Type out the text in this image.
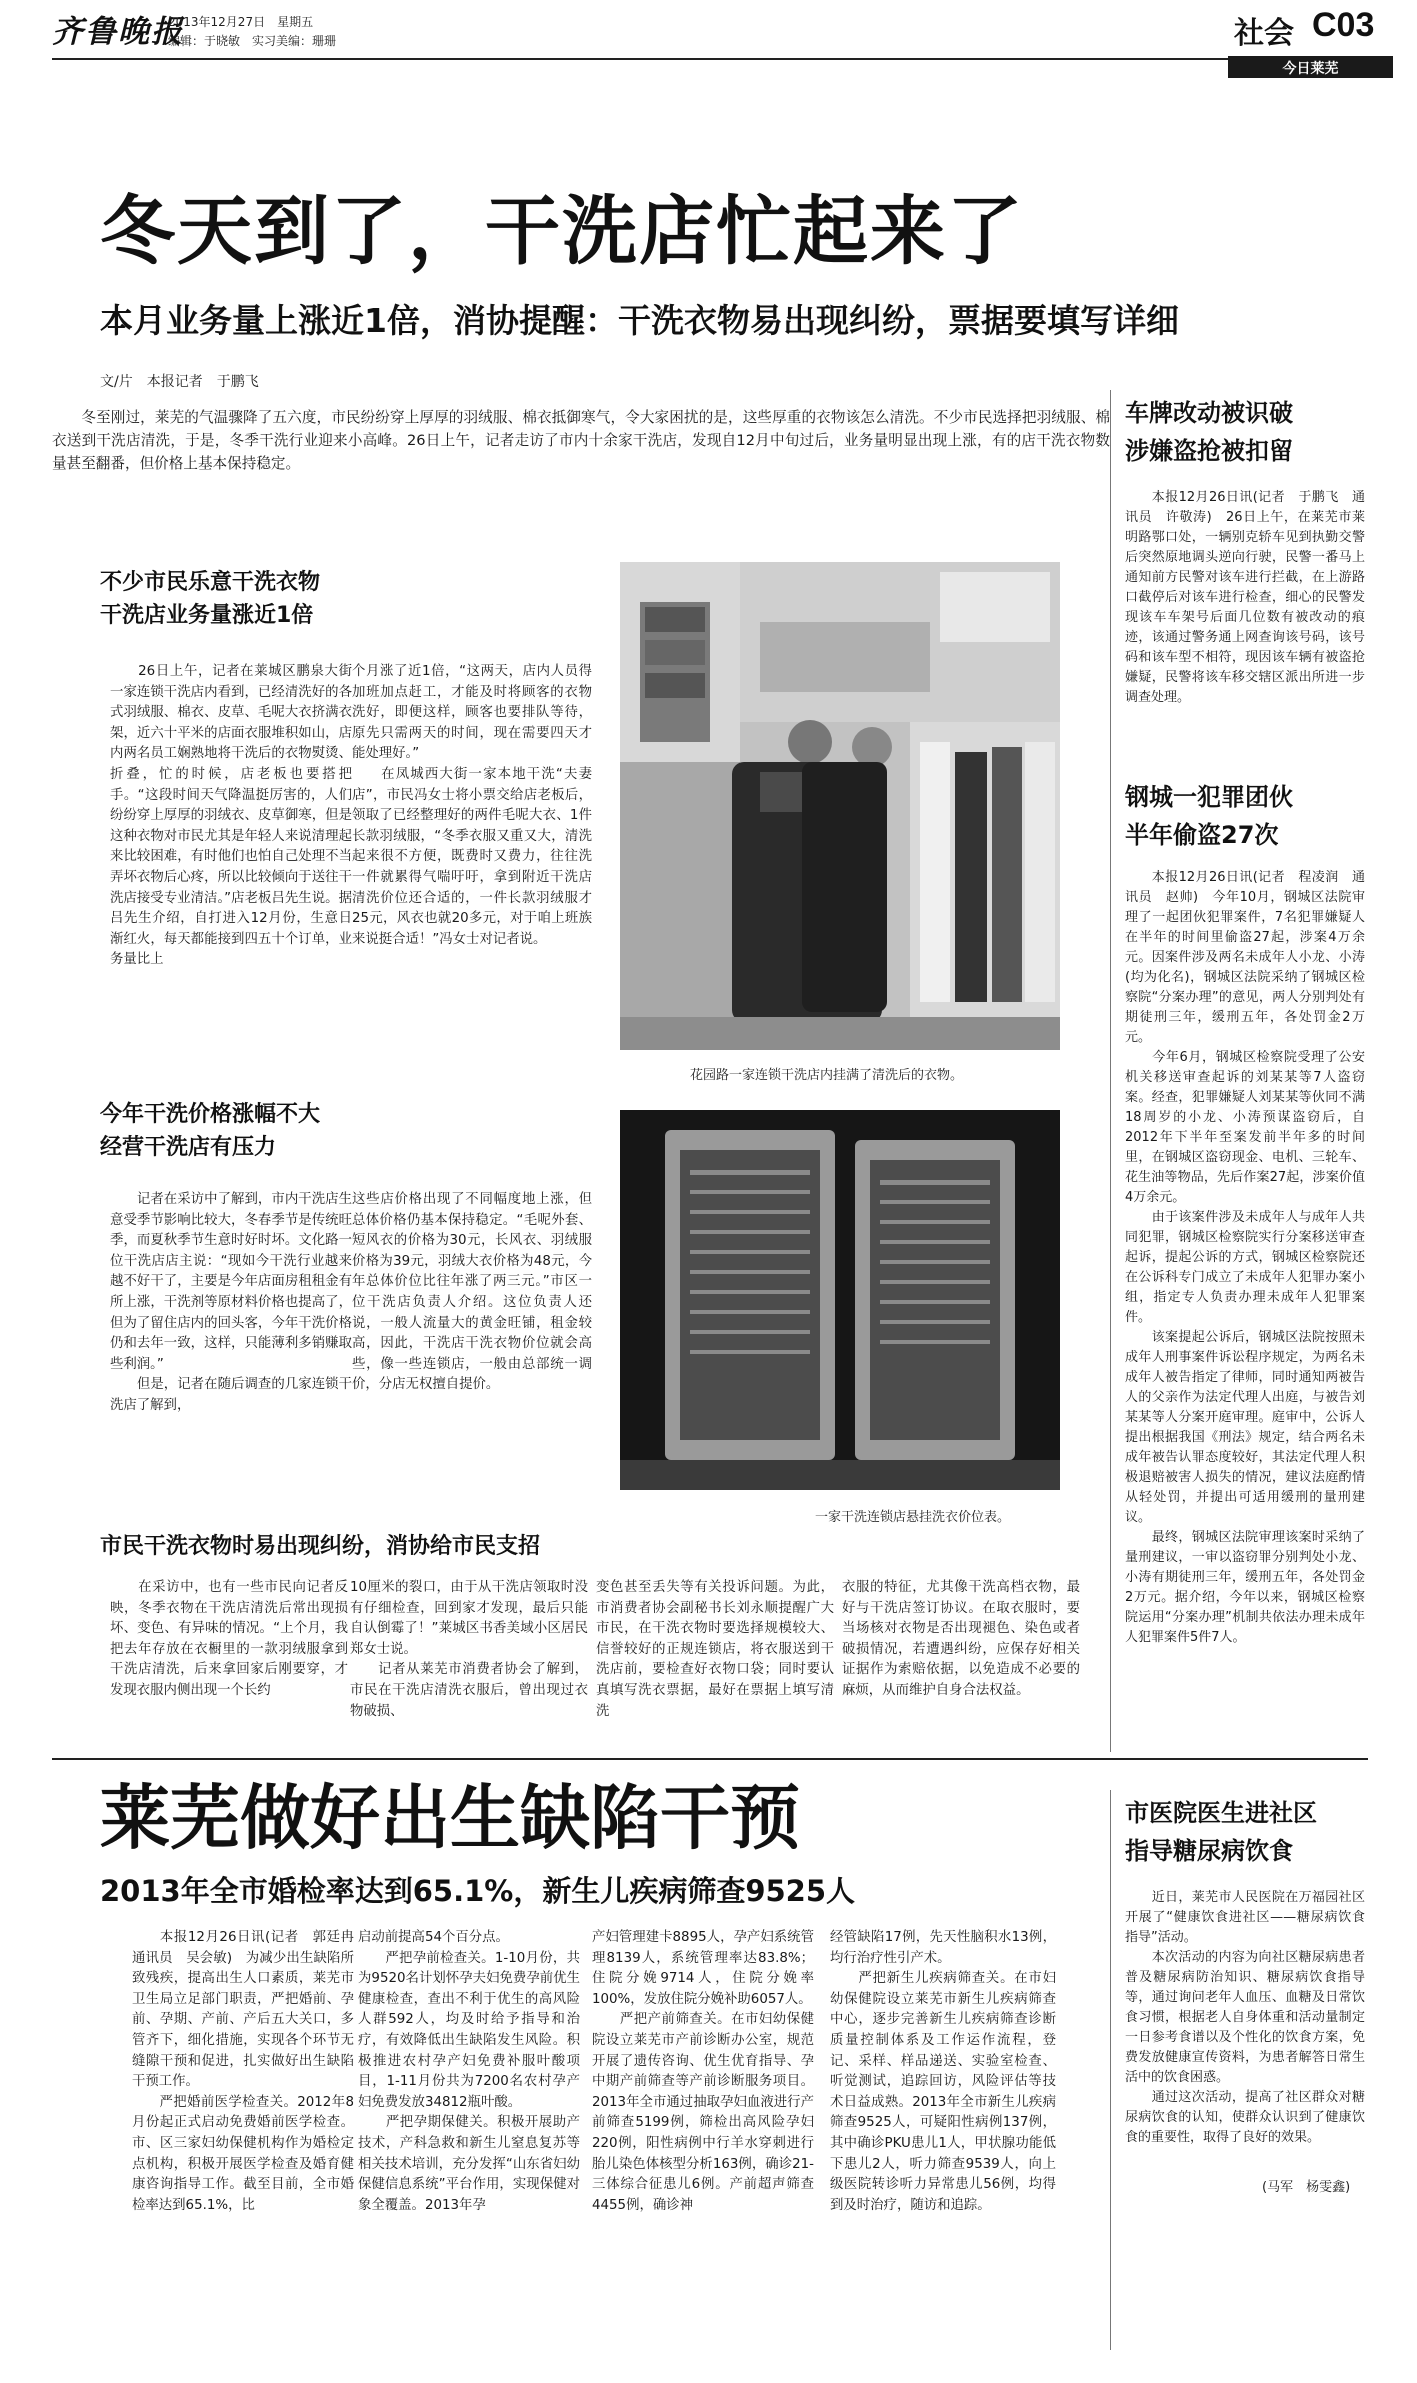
齐鲁晚报
2013年12月27日　星期五
编辑：于晓敏　实习美编：珊珊	社会 C03
今日莱芜
冬天到了，干洗店忙起来了
本月业务量上涨近1倍，消协提醒：干洗衣物易出现纠纷，票据要填写详细
文/片　本报记者　于鹏飞

　　冬至刚过，莱芜的气温骤降了五六度，市民纷纷穿上厚厚的羽绒服、棉衣抵御寒气，令大家困扰的是，这些厚重的衣物该怎么清洗。不少市民选择把羽绒服、棉衣送到干洗店清洗，于是，冬季干洗行业迎来小高峰。26日上午，记者走访了市内十余家干洗店，发现自12月中旬过后，业务量明显出现上涨，有的店干洗衣物数量甚至翻番，但价格上基本保持稳定。

不少市民乐意干洗衣物
干洗店业务量涨近1倍

　　26日上午，记者在莱城区鹏泉大街一家连锁干洗店内看到，已经清洗好的各式羽绒服、棉衣、皮草、毛呢大衣挤满衣架，近六十平米的店面衣服堆积如山，店内两名员工娴熟地将干洗后的衣物熨烫、折叠，忙的时候，店老板也要搭把手。“这段时间天气降温挺厉害的，人们纷纷穿上厚厚的羽绒衣、皮草御寒，但是这种衣物对市民尤其是年轻人来说清理起来比较困难，有时他们也怕自己处理不当弄坏衣物后心疼，所以比较倾向于送往干洗店接受专业清洁。”店老板吕先生说。据吕先生介绍，自打进入12月份，生意日渐红火，每天都能接到四五十个订单，业务量比上

个月涨了近1倍，“这两天，店内人员得加班加点赶工，才能及时将顾客的衣物洗好，即便这样，顾客也要排队等待，原先只需两天的时间，现在需要四天才能处理好。”
　　在凤城西大街一家本地干洗“夫妻店”，市民冯女士将小票交给店老板后，领取了已经整理好的两件毛呢大衣、1件长款羽绒服，“冬季衣服又重又大，清洗起来很不方便，既费时又费力，往往洗一件就累得气喘吁吁，拿到附近干洗店清洗价位还合适的，一件长款羽绒服才25元，风衣也就20多元，对于咱上班族来说挺合适！”冯女士对记者说。

花园路一家连锁干洗店内挂满了清洗后的衣物。
今年干洗价格涨幅不大
经营干洗店有压力

　　记者在采访中了解到，市内干洗店生意受季节影响比较大，冬春季节是传统旺季，而夏秋季节生意时好时坏。文化路一位干洗店店主说：“现如今干洗行业越来越不好干了，主要是今年店面房租租金有所上涨，干洗剂等原材料价格也提高了，但为了留住店内的回头客，今年干洗价格仍和去年一致，这样，只能薄利多销赚取些利润。”
　　但是，记者在随后调查的几家连锁干洗店了解到，

这些店价格出现了不同幅度地上涨，但总体价格仍基本保持稳定。“毛呢外套、短风衣的价格为30元，长风衣、羽绒服价格为39元，羽绒大衣价格为48元，今年总体价位比往年涨了两三元。”市区一位干洗店负责人介绍。这位负责人还说，一般人流量大的黄金旺铺，租金较高，因此，干洗店干洗衣物价位就会高些，像一些连锁店，一般由总部统一调价，分店无权擅自提价。

一家干洗连锁店悬挂洗衣价位表。
市民干洗衣物时易出现纠纷，消协给市民支招

　　在采访中，也有一些市民向记者反映，冬季衣物在干洗店清洗后常出现损坏、变色、有异味的情况。“上个月，我把去年存放在衣橱里的一款羽绒服拿到干洗店清洗，后来拿回家后刚要穿，才发现衣服内侧出现一个长约

10厘米的裂口，由于从干洗店领取时没有仔细检查，回到家才发现，最后只能自认倒霉了！”莱城区书香美域小区居民郑女士说。
　　记者从莱芜市消费者协会了解到，市民在干洗店清洗衣服后，曾出现过衣物破损、

变色甚至丢失等有关投诉问题。为此，市消费者协会副秘书长刘永顺提醒广大市民，在干洗衣物时要选择规模较大、信誉较好的正规连锁店，将衣服送到干洗店前，要检查好衣物口袋；同时要认真填写洗衣票据，最好在票据上填写清洗

衣服的特征，尤其像干洗高档衣物，最好与干洗店签订协议。在取衣服时，要当场核对衣物是否出现褪色、染色或者破损情况，若遭遇纠纷，应保存好相关证据作为索赔依据，以免造成不必要的麻烦，从而维护自身合法权益。

车牌改动被识破
涉嫌盗抢被扣留

　　本报12月26日讯(记者　于鹏飞　通讯员　许敬涛)　26日上午，在莱芜市莱明路鄂口处，一辆别克轿车见到执勤交警后突然原地调头逆向行驶，民警一番马上通知前方民警对该车进行拦截，在上游路口截停后对该车进行检查，细心的民警发现该车车架号后面几位数有被改动的痕迹，该通过警务通上网查询该号码，该号码和该车型不相符，现因该车辆有被盗抢嫌疑，民警将该车移交辖区派出所进一步调查处理。

钢城一犯罪团伙
半年偷盗27次

　　本报12月26日讯(记者　程凌润　通讯员　赵帅)　今年10月，钢城区法院审理了一起团伙犯罪案件，7名犯罪嫌疑人在半年的时间里偷盗27起，涉案4万余元。因案件涉及两名未成年人小龙、小涛(均为化名)，钢城区法院采纳了钢城区检察院“分案办理”的意见，两人分别判处有期徒刑三年，缓刑五年，各处罚金2万元。
　　今年6月，钢城区检察院受理了公安机关移送审查起诉的刘某某等7人盗窃案。经查，犯罪嫌疑人刘某某等伙同不满18周岁的小龙、小涛预谋盗窃后，自2012年下半年至案发前半年多的时间里，在钢城区盗窃现金、电机、三轮车、花生油等物品，先后作案27起，涉案价值4万余元。
　　由于该案件涉及未成年人与成年人共同犯罪，钢城区检察院实行分案移送审查起诉，提起公诉的方式，钢城区检察院还在公诉科专门成立了未成年人犯罪办案小组，指定专人负责办理未成年人犯罪案件。
　　该案提起公诉后，钢城区法院按照未成年人刑事案件诉讼程序规定，为两名未成年人被告指定了律师，同时通知两被告人的父亲作为法定代理人出庭，与被告刘某某等人分案开庭审理。庭审中，公诉人提出根据我国《刑法》规定，结合两名未成年被告认罪态度较好，其法定代理人积极退赔被害人损失的情况，建议法庭酌情从轻处罚，并提出可适用缓刑的量刑建议。
　　最终，钢城区法院审理该案时采纳了量刑建议，一审以盗窃罪分别判处小龙、小涛有期徒刑三年，缓刑五年，各处罚金2万元。据介绍，今年以来，钢城区检察院运用“分案办理”机制共依法办理未成年人犯罪案件5件7人。

莱芜做好出生缺陷干预
2013年全市婚检率达到65.1%，新生儿疾病筛查9525人

　　本报12月26日讯(记者　郭廷冉　通讯员　吴会敏)　为减少出生缺陷所致残疾，提高出生人口素质，莱芜市卫生局立足部门职责，严把婚前、孕前、孕期、产前、产后五大关口，多管齐下，细化措施，实现各个环节无缝隙干预和促进，扎实做好出生缺陷干预工作。
　　严把婚前医学检查关。2012年8月份起正式启动免费婚前医学检查。市、区三家妇幼保健机构作为婚检定点机构，积极开展医学检查及婚育健康咨询指导工作。截至目前，全市婚检率达到65.1%，比

启动前提高54个百分点。
　　严把孕前检查关。1-10月份，共为9520名计划怀孕夫妇免费孕前优生健康检查，查出不利于优生的高风险人群592人，均及时给予指导和治疗，有效降低出生缺陷发生风险。积极推进农村孕产妇免费补服叶酸项目，1-11月份共为7200名农村孕产妇免费发放34812瓶叶酸。
　　严把孕期保健关。积极开展助产技术，产科急救和新生儿窒息复苏等相关技术培训，充分发挥“山东省妇幼保健信息系统”平台作用，实现保健对象全覆盖。2013年孕

产妇管理建卡8895人，孕产妇系统管理8139人，系统管理率达83.8%；住院分娩9714人，住院分娩率100%，发放住院分娩补助6057人。
　　严把产前筛查关。在市妇幼保健院设立莱芜市产前诊断办公室，规范开展了遗传咨询、优生优育指导、孕中期产前筛查等产前诊断服务项目。2013年全市通过抽取孕妇血液进行产前筛查5199例，筛检出高风险孕妇220例，阳性病例中行羊水穿刺进行胎儿染色体核型分析163例，确诊21-三体综合征患儿6例。产前超声筛查4455例，确诊神

经管缺陷17例，先天性脑积水13例，均行治疗性引产术。
　　严把新生儿疾病筛查关。在市妇幼保健院设立莱芜市新生儿疾病筛查中心，逐步完善新生儿疾病筛查诊断质量控制体系及工作运作流程，登记、采样、样品递送、实验室检查、听觉测试，追踪回访，风险评估等技术日益成熟。2013年全市新生儿疾病筛查9525人，可疑阳性病例137例，其中确诊PKU患儿1人，甲状腺功能低下患儿2人，听力筛查9539人，向上级医院转诊听力异常患儿56例，均得到及时治疗，随访和追踪。

市医院医生进社区
指导糖尿病饮食

　　近日，莱芜市人民医院在万福园社区开展了“健康饮食进社区——糖尿病饮食指导”活动。
　　本次活动的内容为向社区糖尿病患者普及糖尿病防治知识、糖尿病饮食指导等，通过询问老年人血压、血糖及日常饮食习惯，根据老人自身体重和活动量制定一日参考食谱以及个性化的饮食方案，免费发放健康宣传资料，为患者解答日常生活中的饮食困惑。
　　通过这次活动，提高了社区群众对糖尿病饮食的认知，使群众认识到了健康饮食的重要性，取得了良好的效果。

(马军　杨雯鑫)
